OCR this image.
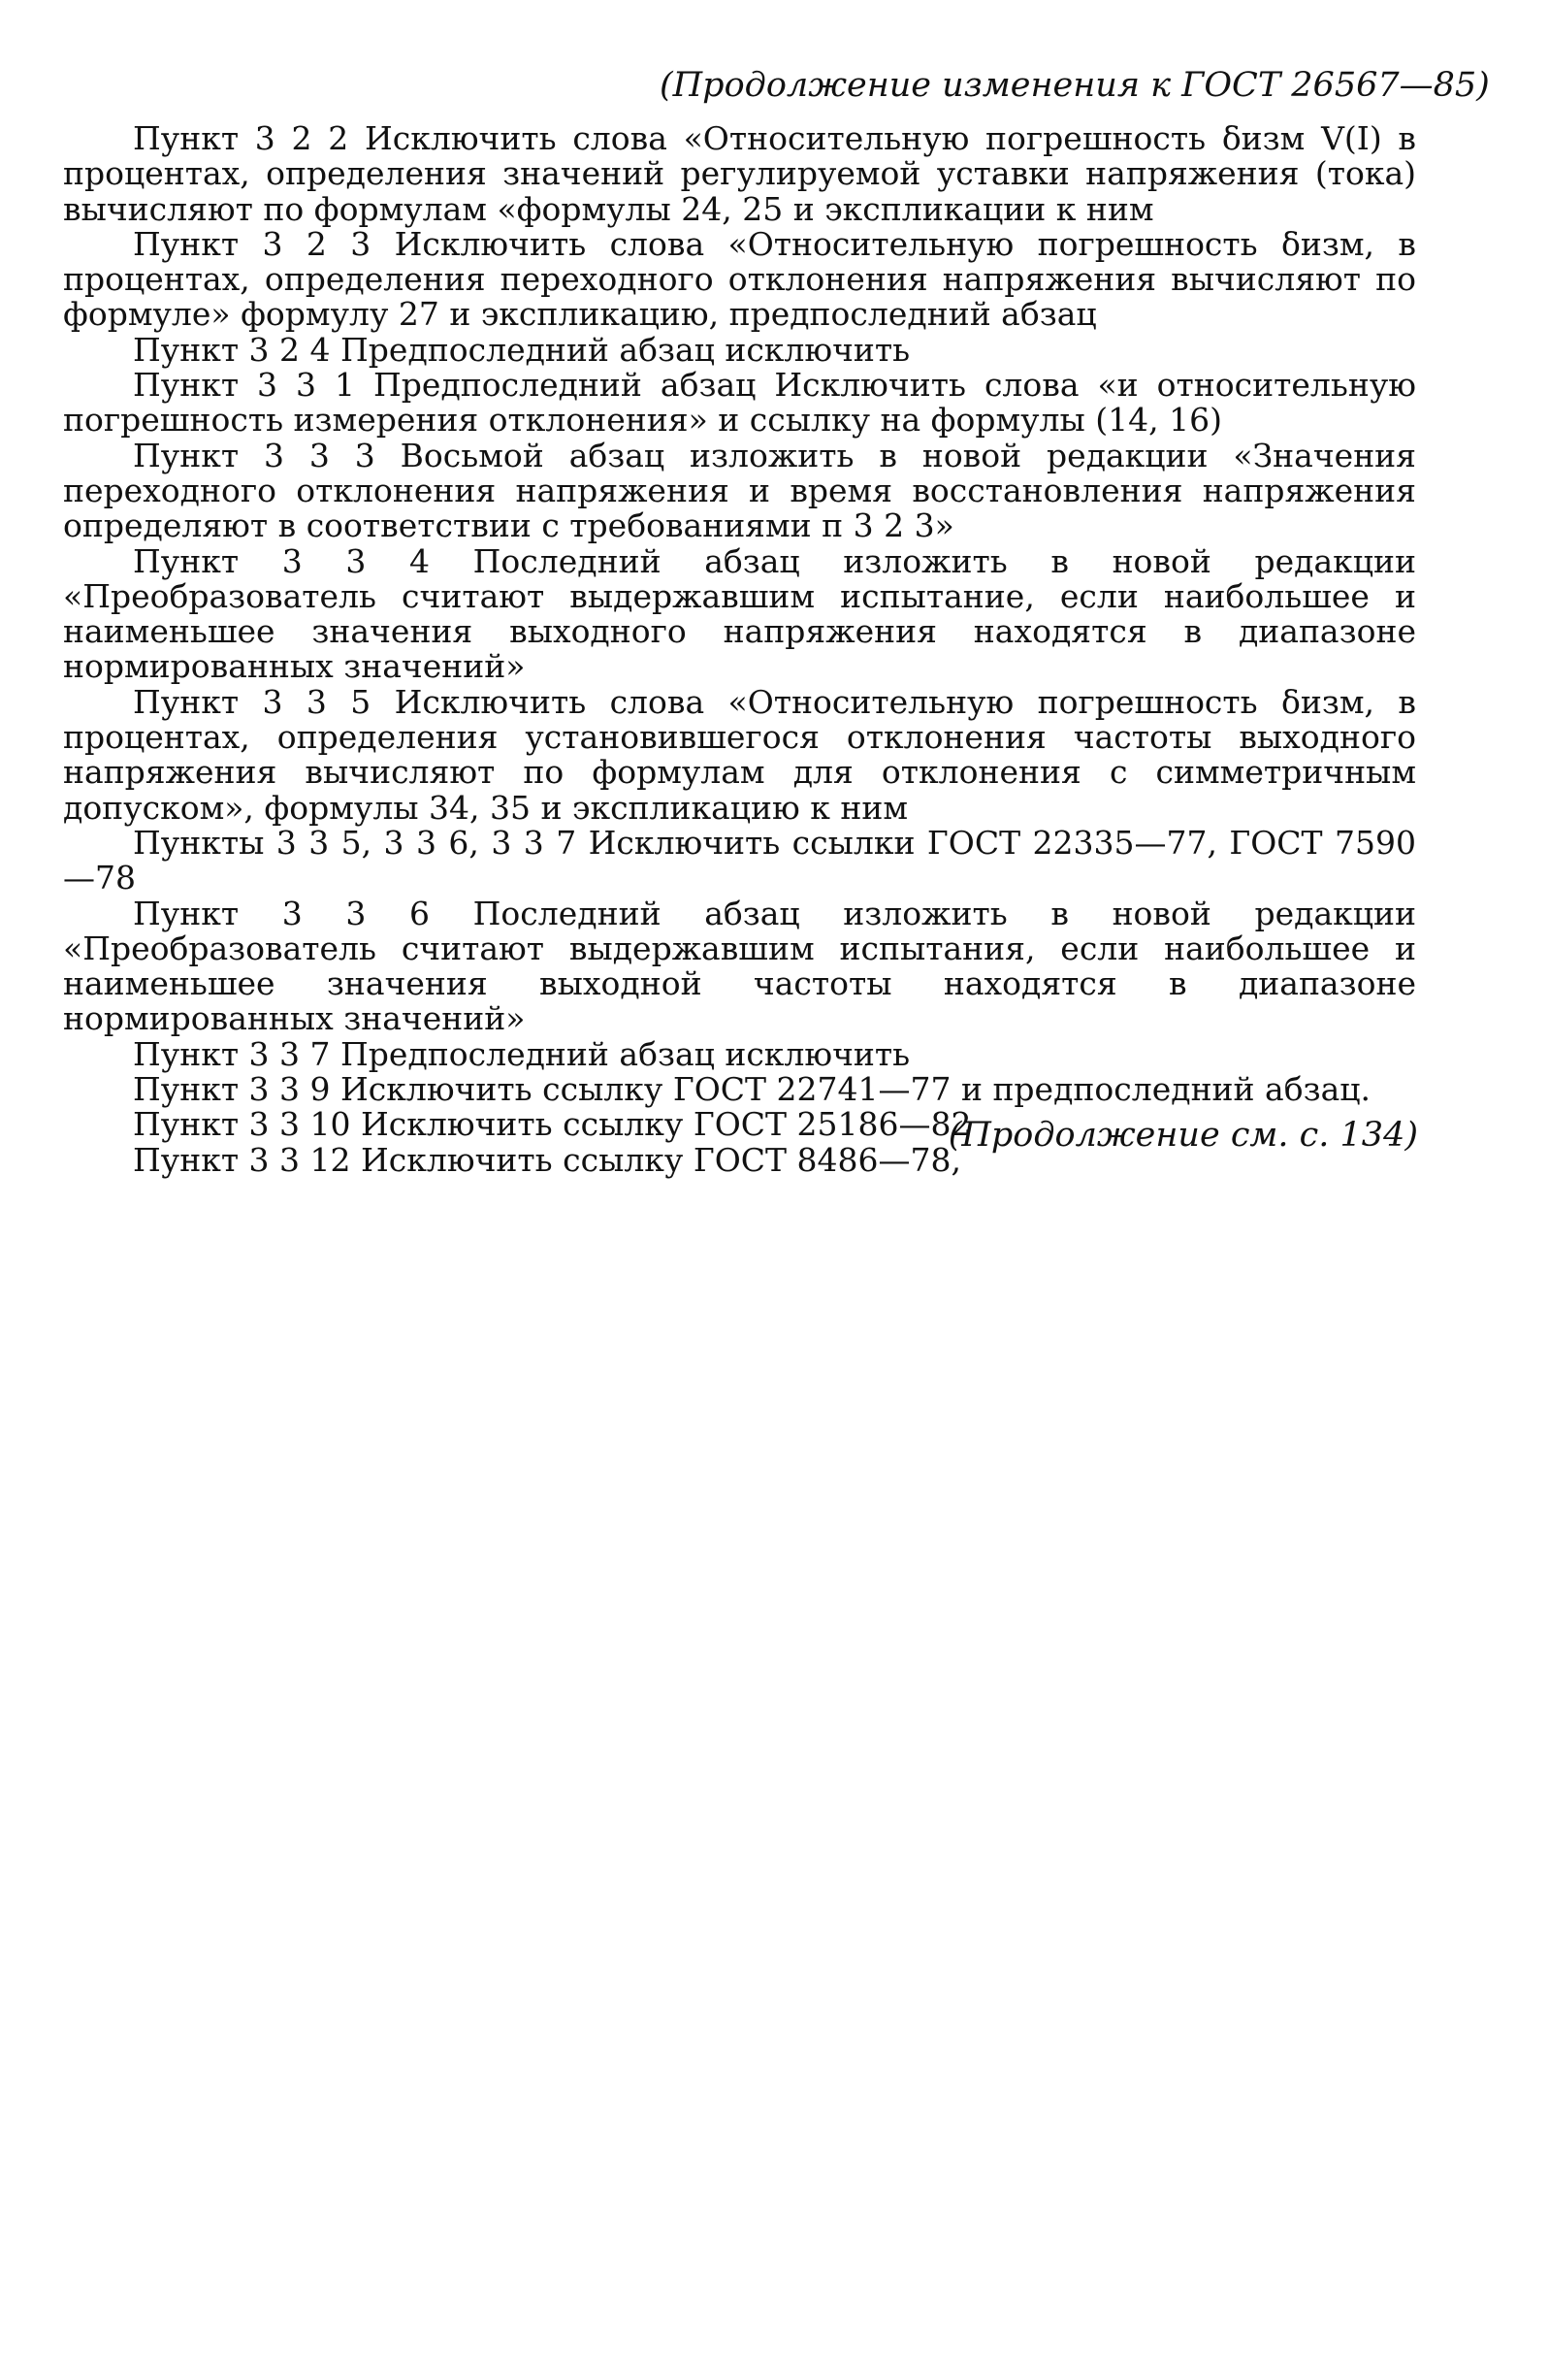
(Продолжение изменения к ГОСТ 26567—85)

Пункт 3 2 2 Исключить слова «Относительную погрешность δизм V(I) в процентах, определения значений регулируемой уставки напряжения (тока) вычисляют по формулам «формулы 24, 25 и экспликации к ним

Пункт 3 2 3 Исключить слова «Относительную погрешность δизм, в процентах, определения переходного отклонения напряжения вычисляют по формуле» формулу 27 и экспликацию, предпоследний абзац

Пункт 3 2 4 Предпоследний абзац исключить

Пункт 3 3 1 Предпоследний абзац Исключить слова «и относительную погрешность измерения отклонения» и ссылку на формулы (14, 16)

Пункт 3 3 3 Восьмой абзац изложить в новой редакции «Значения переходного отклонения напряжения и время восстановления напряжения определяют в соответствии с требованиями п 3 2 3»

Пункт 3 3 4 Последний абзац изложить в новой редакции «Преобразователь считают выдержавшим испытание, если наибольшее и наименьшее значения выходного напряжения находятся в диапазоне нормированных значений»

Пункт 3 3 5 Исключить слова «Относительную погрешность δизм, в процентах, определения установившегося отклонения частоты выходного напряжения вычисляют по формулам для отклонения с симметричным допуском», формулы 34, 35 и экспликацию к ним

Пункты 3 3 5, 3 3 6, 3 3 7 Исключить ссылки ГОСТ 22335—77, ГОСТ 7590—78

Пункт 3 3 6 Последний абзац изложить в новой редакции «Преобразователь считают выдержавшим испытания, если наибольшее и наименьшее значения выходной частоты находятся в диапазоне нормированных значений»

Пункт 3 3 7 Предпоследний абзац исключить

Пункт 3 3 9 Исключить ссылку ГОСТ 22741—77 и предпоследний абзац.

Пункт 3 3 10 Исключить ссылку ГОСТ 25186—82

Пункт 3 3 12 Исключить ссылку ГОСТ 8486—78,

(Продолжение см. с. 134)
